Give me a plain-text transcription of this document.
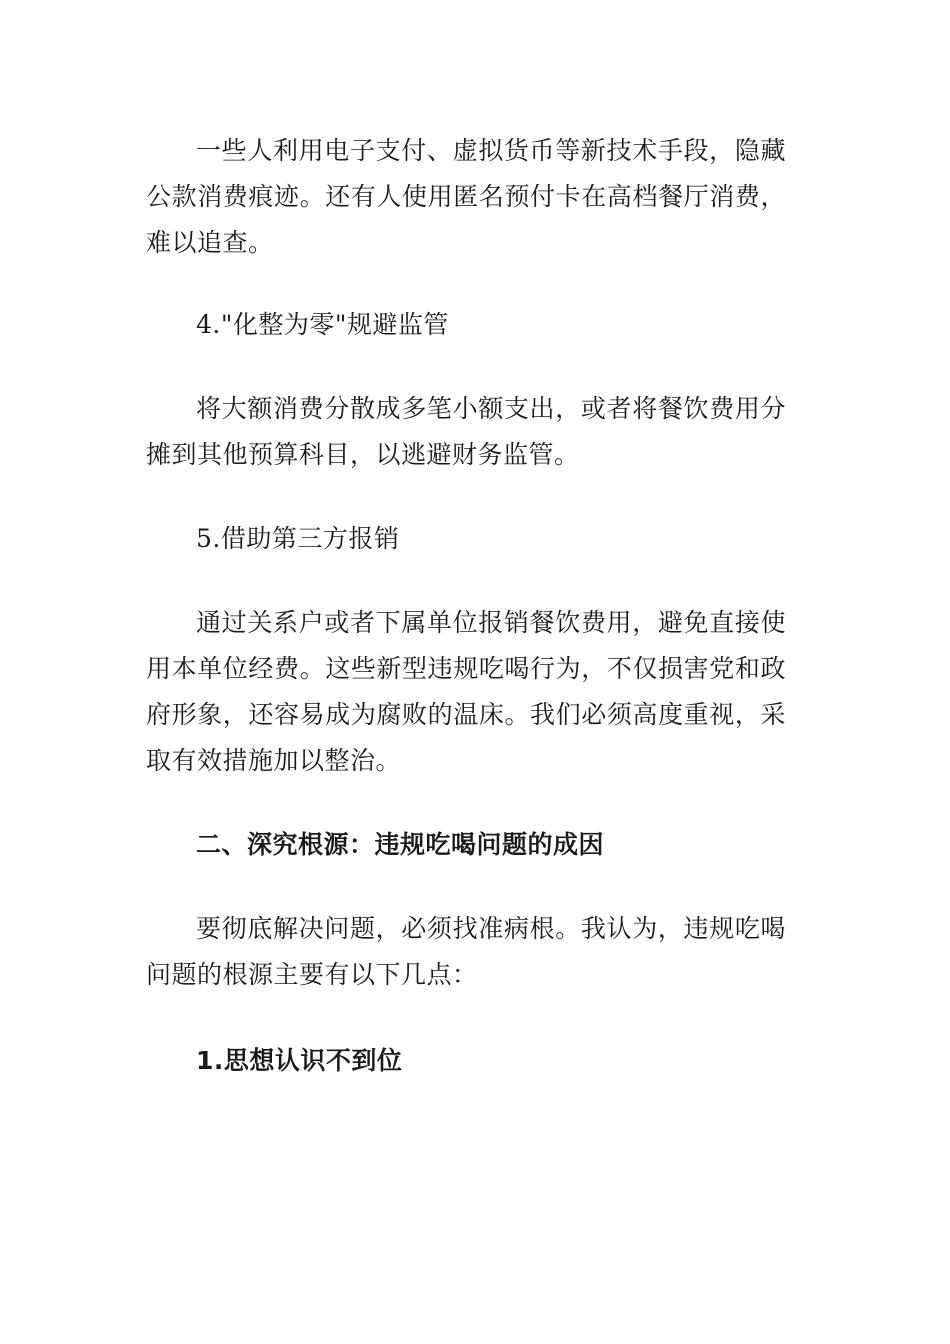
一些人利用电子支付、虚拟货币等新技术手段，隐藏公款消费痕迹。还有人使用匿名预付卡在高档餐厅消费，难以追查。

4."化整为零"规避监管

将大额消费分散成多笔小额支出，或者将餐饮费用分摊到其他预算科目，以逃避财务监管。

5.借助第三方报销

通过关系户或者下属单位报销餐饮费用，避免直接使用本单位经费。这些新型违规吃喝行为，不仅损害党和政府形象，还容易成为腐败的温床。我们必须高度重视，采取有效措施加以整治。

二、深究根源：违规吃喝问题的成因

要彻底解决问题，必须找准病根。我认为，违规吃喝问题的根源主要有以下几点：

1.思想认识不到位
